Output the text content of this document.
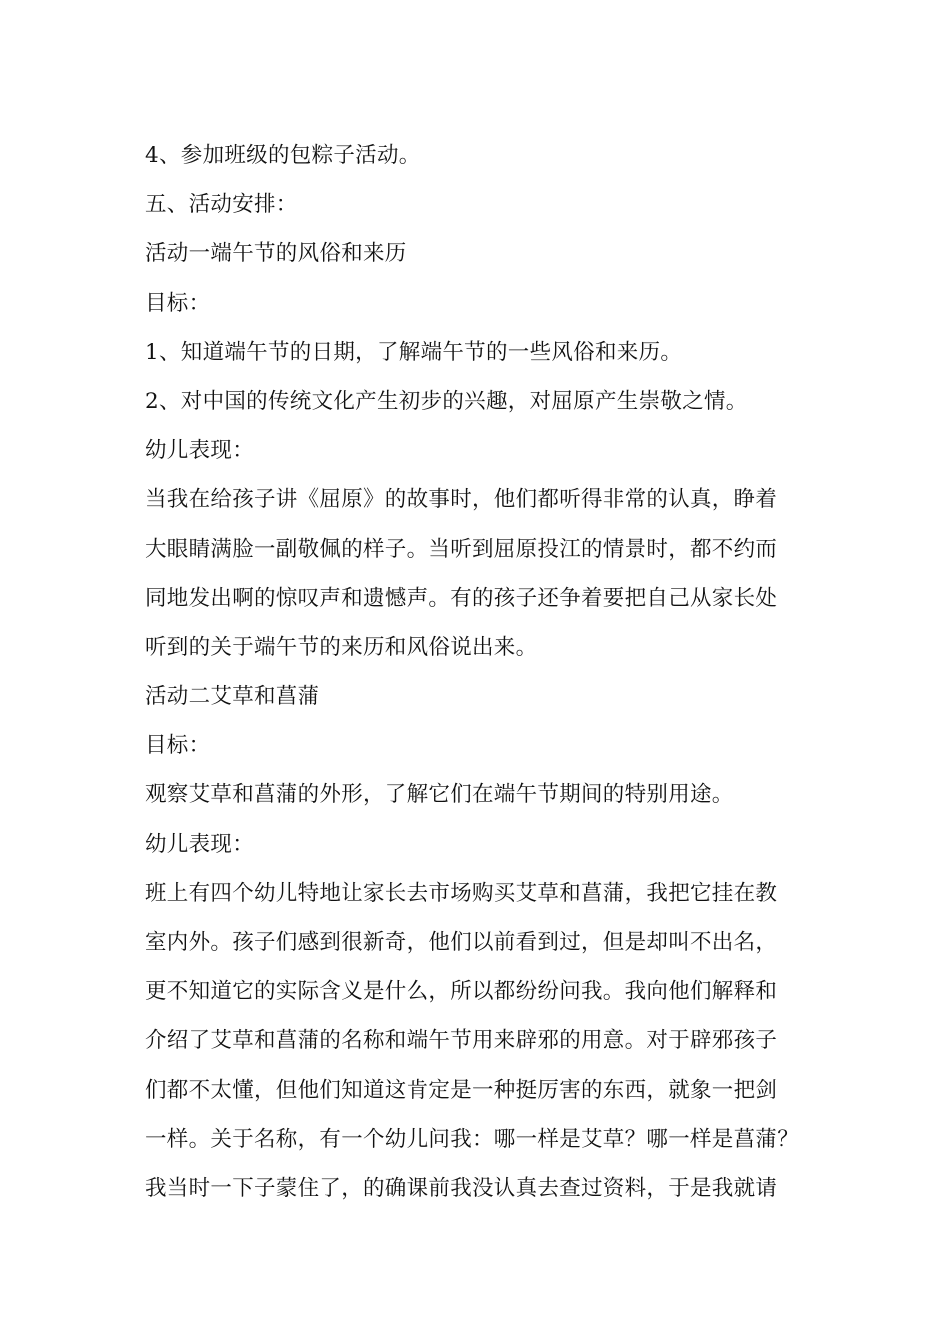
4、参加班级的包粽子活动。
五、活动安排：
活动一端午节的风俗和来历
目标：
1、知道端午节的日期，了解端午节的一些风俗和来历。
2、对中国的传统文化产生初步的兴趣，对屈原产生崇敬之情。
幼儿表现：
当我在给孩子讲《屈原》的故事时，他们都听得非常的认真，睁着
大眼睛满脸一副敬佩的样子。当听到屈原投江的情景时，都不约而
同地发出啊的惊叹声和遗憾声。有的孩子还争着要把自己从家长处
听到的关于端午节的来历和风俗说出来。
活动二艾草和菖蒲
目标：
观察艾草和菖蒲的外形，了解它们在端午节期间的特别用途。
幼儿表现：
班上有四个幼儿特地让家长去市场购买艾草和菖蒲，我把它挂在教
室内外。孩子们感到很新奇，他们以前看到过，但是却叫不出名，
更不知道它的实际含义是什么，所以都纷纷问我。我向他们解释和
介绍了艾草和菖蒲的名称和端午节用来辟邪的用意。对于辟邪孩子
们都不太懂，但他们知道这肯定是一种挺厉害的东西，就象一把剑
一样。关于名称，有一个幼儿问我：哪一样是艾草？哪一样是菖蒲？
我当时一下子蒙住了，的确课前我没认真去查过资料，于是我就请
